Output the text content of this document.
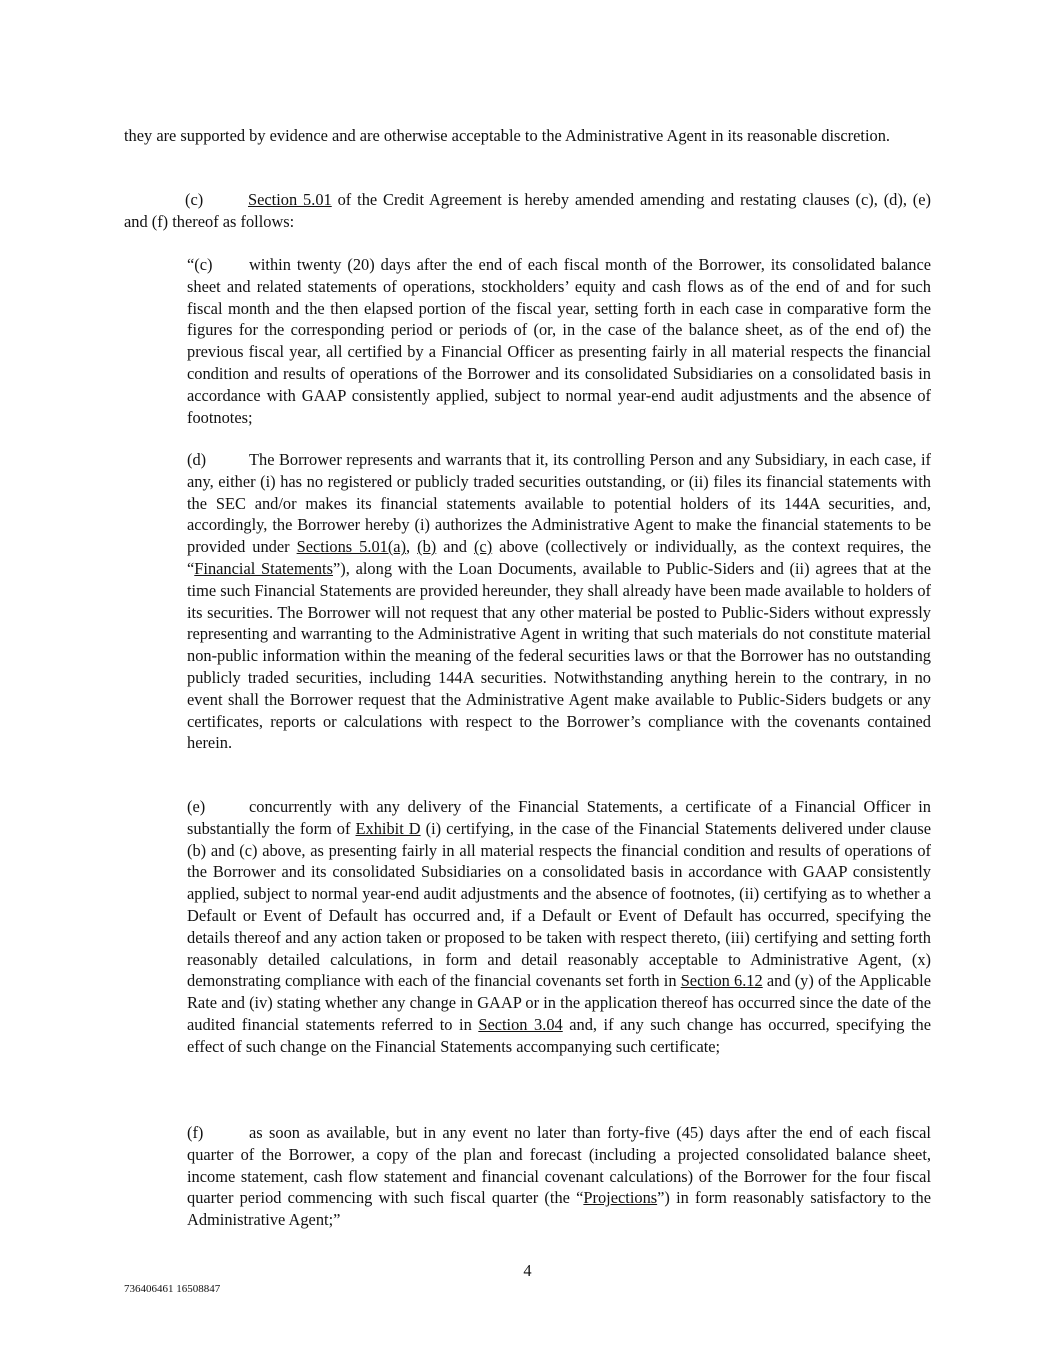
they are supported by evidence and are otherwise acceptable to the Administrative Agent in its reasonable discretion.

(c)	Section 5.01 of the Credit Agreement is hereby amended amending and restating clauses (c), (d), (e) and (f) thereof as follows:

“(c) within twenty (20) days after the end of each fiscal month of the Borrower, its consolidated balance sheet and related statements of operations, stockholders’ equity and cash flows as of the end of and for such fiscal month and the then elapsed portion of the fiscal year, setting forth in each case in comparative form the figures for the corresponding period or periods of (or, in the case of the balance sheet, as of the end of) the previous fiscal year, all certified by a Financial Officer as presenting fairly in all material respects the financial condition and results of operations of the Borrower and its consolidated Subsidiaries on a consolidated basis in accordance with GAAP consistently applied, subject to normal year-end audit adjustments and the absence of footnotes;

(d)	The Borrower represents and warrants that it, its controlling Person and any Subsidiary, in each case, if any, either (i) has no registered or publicly traded securities outstanding, or (ii) files its financial statements with the SEC and/or makes its financial statements available to potential holders of its 144A securities, and, accordingly, the Borrower hereby (i) authorizes the Administrative Agent to make the financial statements to be provided under Sections 5.01(a), (b) and (c) above (collectively or individually, as the context requires, the “Financial Statements”), along with the Loan Documents, available to Public-Siders and (ii) agrees that at the time such Financial Statements are provided hereunder, they shall already have been made available to holders of its securities. The Borrower will not request that any other material be posted to Public-Siders without expressly representing and warranting to the Administrative Agent in writing that such materials do not constitute material non-public information within the meaning of the federal securities laws or that the Borrower has no outstanding publicly traded securities, including 144A securities. Notwithstanding anything herein to the contrary, in no event shall the Borrower request that the Administrative Agent make available to Public-Siders budgets or any certificates, reports or calculations with respect to the Borrower’s compliance with the covenants contained herein.

(e)	concurrently with any delivery of the Financial Statements, a certificate of a Financial Officer in substantially the form of Exhibit D (i) certifying, in the case of the Financial Statements delivered under clause (b) and (c) above, as presenting fairly in all material respects the financial condition and results of operations of the Borrower and its consolidated Subsidiaries on a consolidated basis in accordance with GAAP consistently applied, subject to normal year-end audit adjustments and the absence of footnotes, (ii) certifying as to whether a Default or Event of Default has occurred and, if a Default or Event of Default has occurred, specifying the details thereof and any action taken or proposed to be taken with respect thereto, (iii) certifying and setting forth reasonably detailed calculations, in form and detail reasonably acceptable to Administrative Agent, (x) demonstrating compliance with each of the financial covenants set forth in Section 6.12 and (y) of the Applicable Rate and (iv) stating whether any change in GAAP or in the application thereof has occurred since the date of the audited financial statements referred to in Section 3.04 and, if any such change has occurred, specifying the effect of such change on the Financial Statements accompanying such certificate;

(f)	as soon as available, but in any event no later than forty-five (45) days after the end of each fiscal quarter of the Borrower, a copy of the plan and forecast (including a projected consolidated balance sheet, income statement, cash flow statement and financial covenant calculations) of the Borrower for the four fiscal quarter period commencing with such fiscal quarter (the “Projections”) in form reasonably satisfactory to the Administrative Agent;”

4
736406461 16508847
